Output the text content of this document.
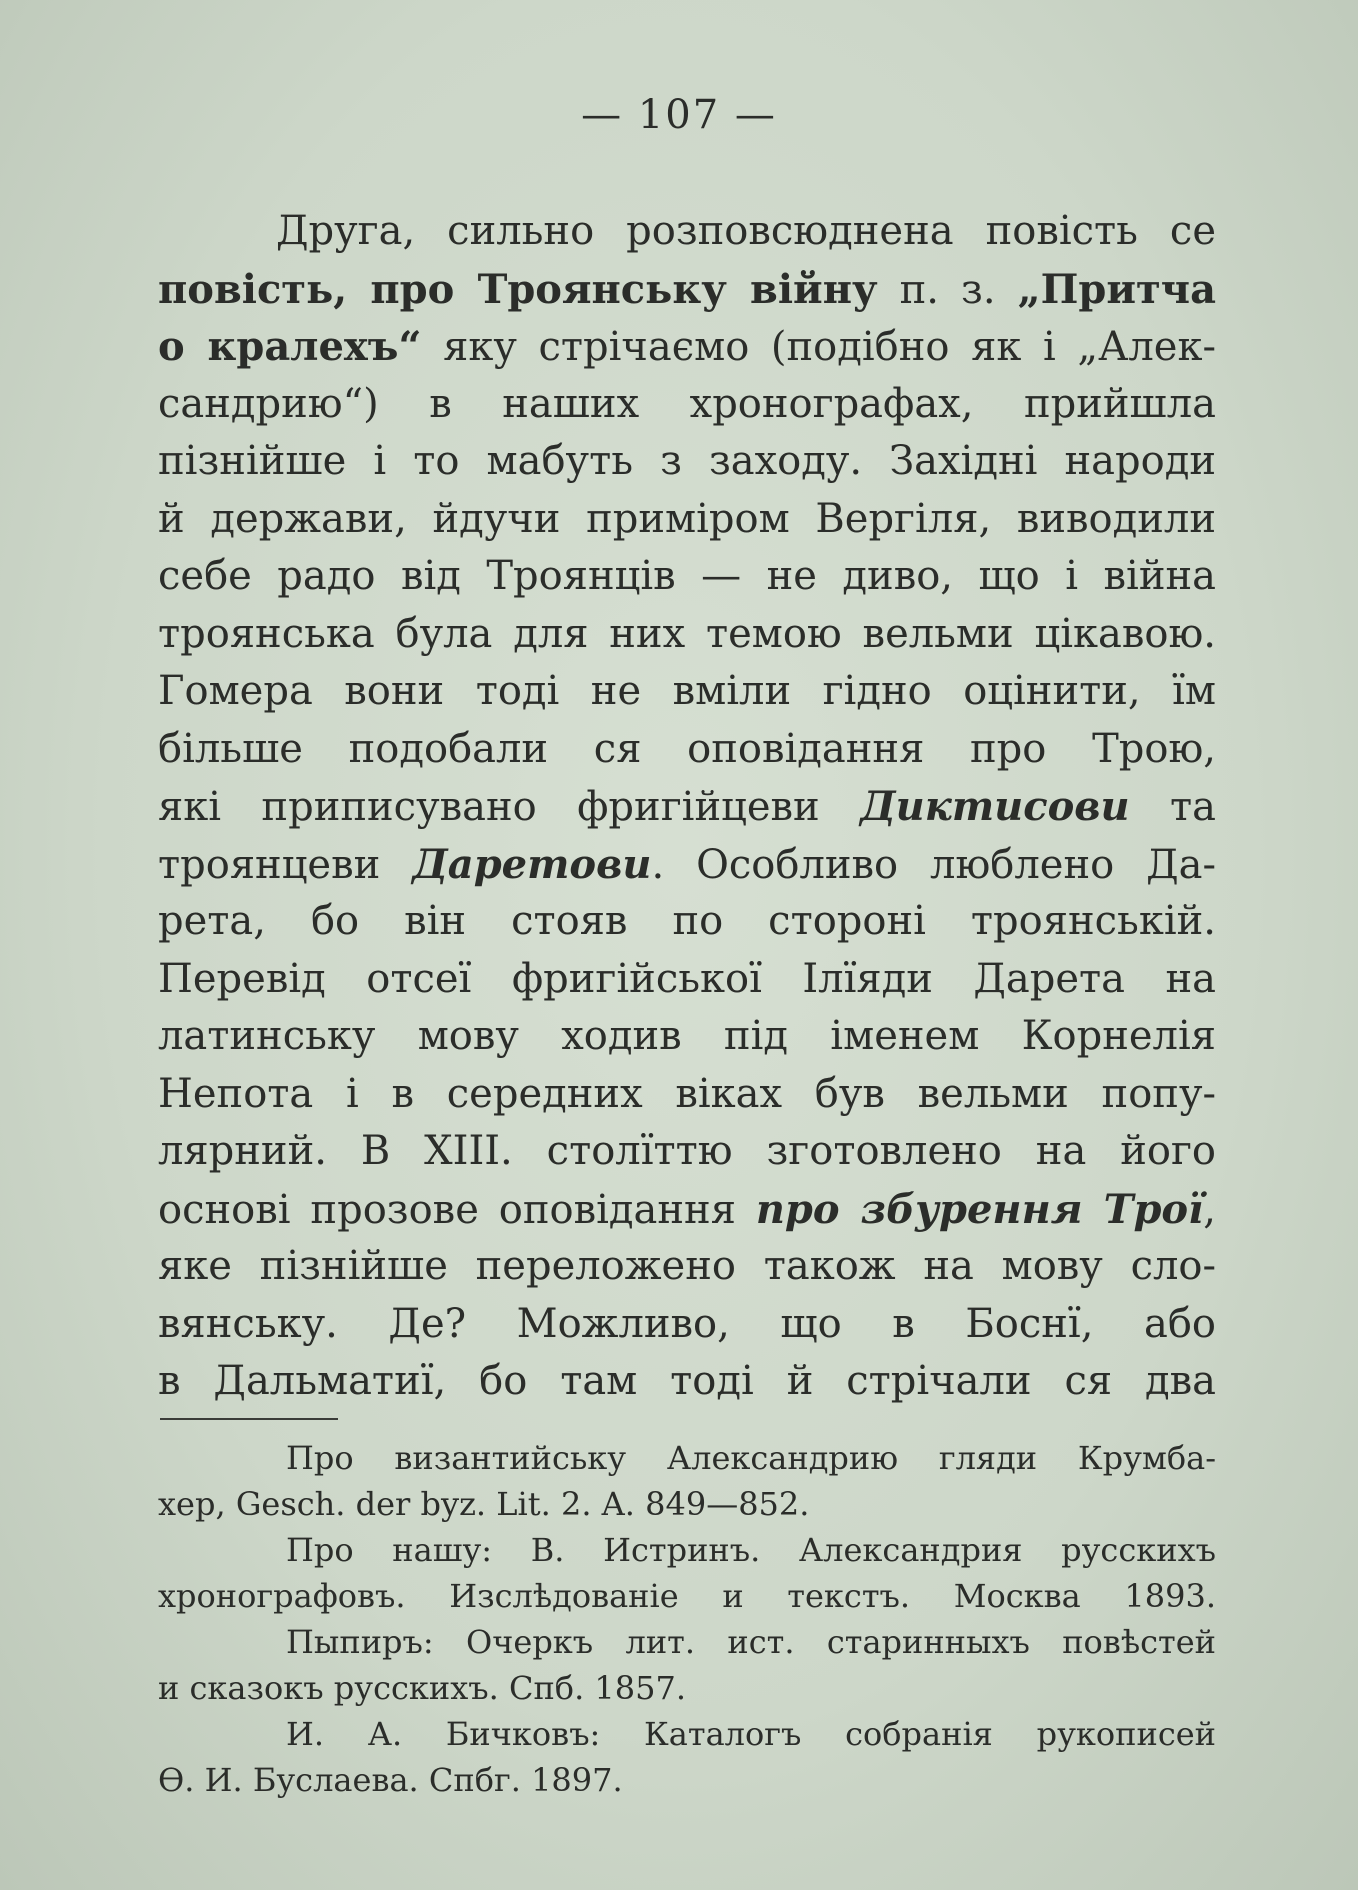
— 107 —
Друга, сильно розповсюднена повість се
повість, про Троянську війну п. з. „Притча
о кралехъ“ яку стрічаємо (подібно як і „Алек-
сандрию“) в наших хронографах, прийшла
пізнійше і то мабуть з заходу. Західні народи
й держави, йдучи приміром Вергіля, виводили
себе радо від Троянців — не диво, що і війна
троянська була для них темою вельми цікавою.
Гомера вони тоді не вміли гідно оцінити, їм
більше подобали ся оповідання про Трою,
які приписувано фригійцеви Диктисови та
троянцеви Даретови. Особливо люблено Да-
рета, бо він стояв по стороні троянській.
Перевід отсеї фригійської Ілїяди Дарета на
латинську мову ходив під іменем Корнелія
Непота і в середних віках був вельми попу-
лярний. В XIII. столїттю зготовлено на його
основі прозове оповідання про збурення Трої,
яке пізнійше переложено також на мову сло-
вянську. Де? Можливо, що в Боснї, або
в Дальматиї, бо там тоді й стрічали ся два
Про византийську Александрию гляди Крумба-
хер, Gesch. der byz. Lit. 2. A. 849—852.
Про нашу: В. Истринъ. Александрия русскихъ
хронографовъ. Изслѣдованіе и текстъ. Москва 1893.
Пыпиръ: Очеркъ лит. ист. старинныхъ повѣстей
и сказокъ русскихъ. Спб. 1857.
И. А. Бичковъ: Каталогъ собранія рукописей
Ѳ. И. Буслаева. Спбг. 1897.
